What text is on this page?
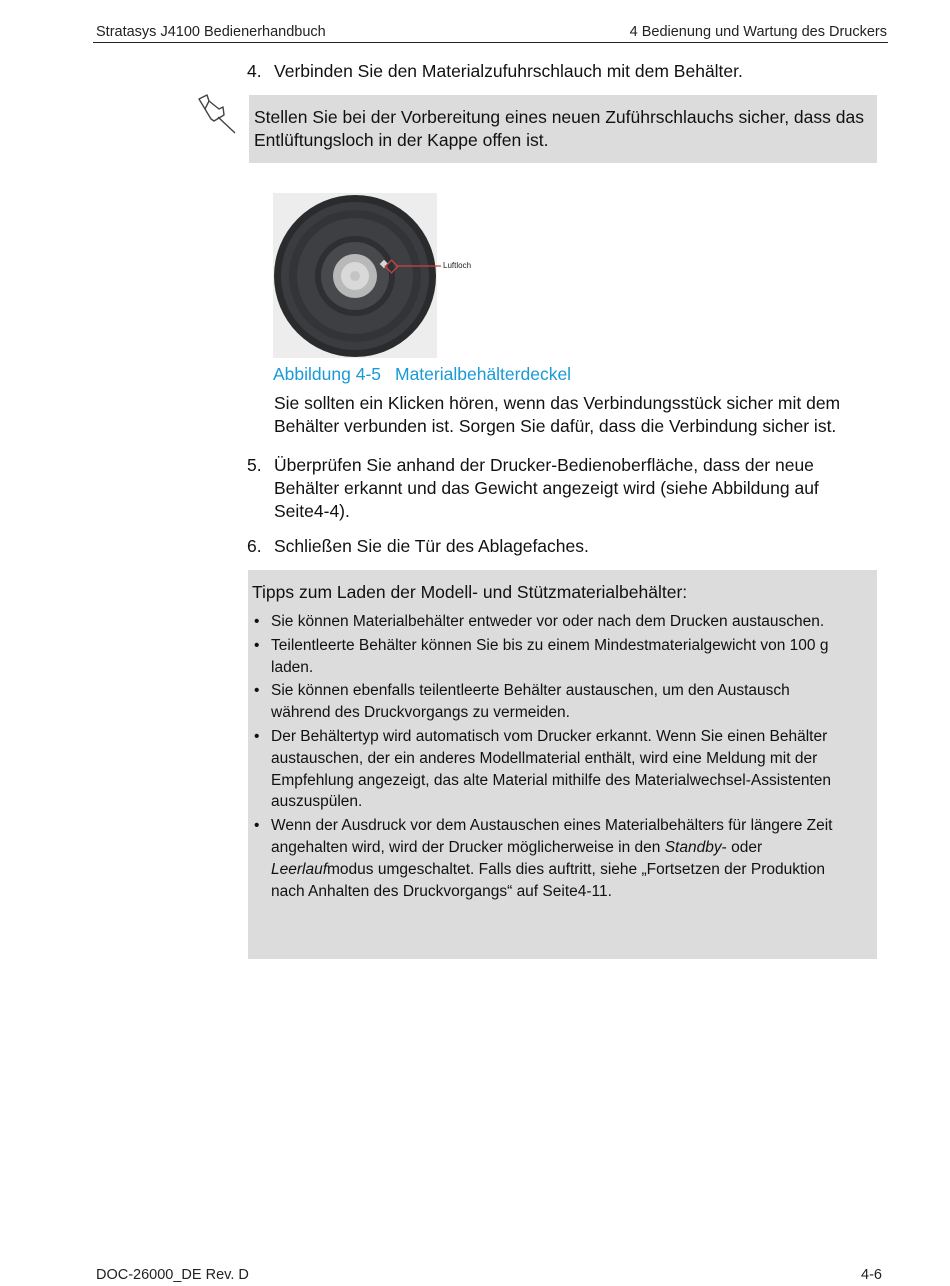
Stratasys J4100 Bedienerhandbuch	4 Bedienung und Wartung des Druckers
4. Verbinden Sie den Materialzufuhrschlauch mit dem Behälter.
Stellen Sie bei der Vorbereitung eines neuen Zuführschlauchs sicher, dass das Entlüftungsloch in der Kappe offen ist.
Luftloch
Abbildung 4-5 Materialbehälterdeckel
Sie sollten ein Klicken hören, wenn das Verbindungsstück sicher mit dem Behälter verbunden ist. Sorgen Sie dafür, dass die Verbindung sicher ist.
5. Überprüfen Sie anhand der Drucker-Bedienoberfläche, dass der neue Behälter erkannt und das Gewicht angezeigt wird (siehe Abbildung auf Seite4-4).
6. Schließen Sie die Tür des Ablagefaches.
Tipps zum Laden der Modell- und Stützmaterialbehälter:
• Sie können Materialbehälter entweder vor oder nach dem Drucken austauschen.
• Teilentleerte Behälter können Sie bis zu einem Mindestmaterialgewicht von 100 g laden.
• Sie können ebenfalls teilentleerte Behälter austauschen, um den Austausch während des Druckvorgangs zu vermeiden.
• Der Behältertyp wird automatisch vom Drucker erkannt. Wenn Sie einen Behälter austauschen, der ein anderes Modellmaterial enthält, wird eine Meldung mit der Empfehlung angezeigt, das alte Material mithilfe des Materialwechsel-Assistenten auszuspülen.
• Wenn der Ausdruck vor dem Austauschen eines Materialbehälters für längere Zeit angehalten wird, wird der Drucker möglicherweise in den Standby- oder Leerlaufmodus umgeschaltet. Falls dies auftritt, siehe „Fortsetzen der Produktion nach Anhalten des Druckvorgangs“ auf Seite4-11.
DOC-26000_DE Rev. D	4-6
